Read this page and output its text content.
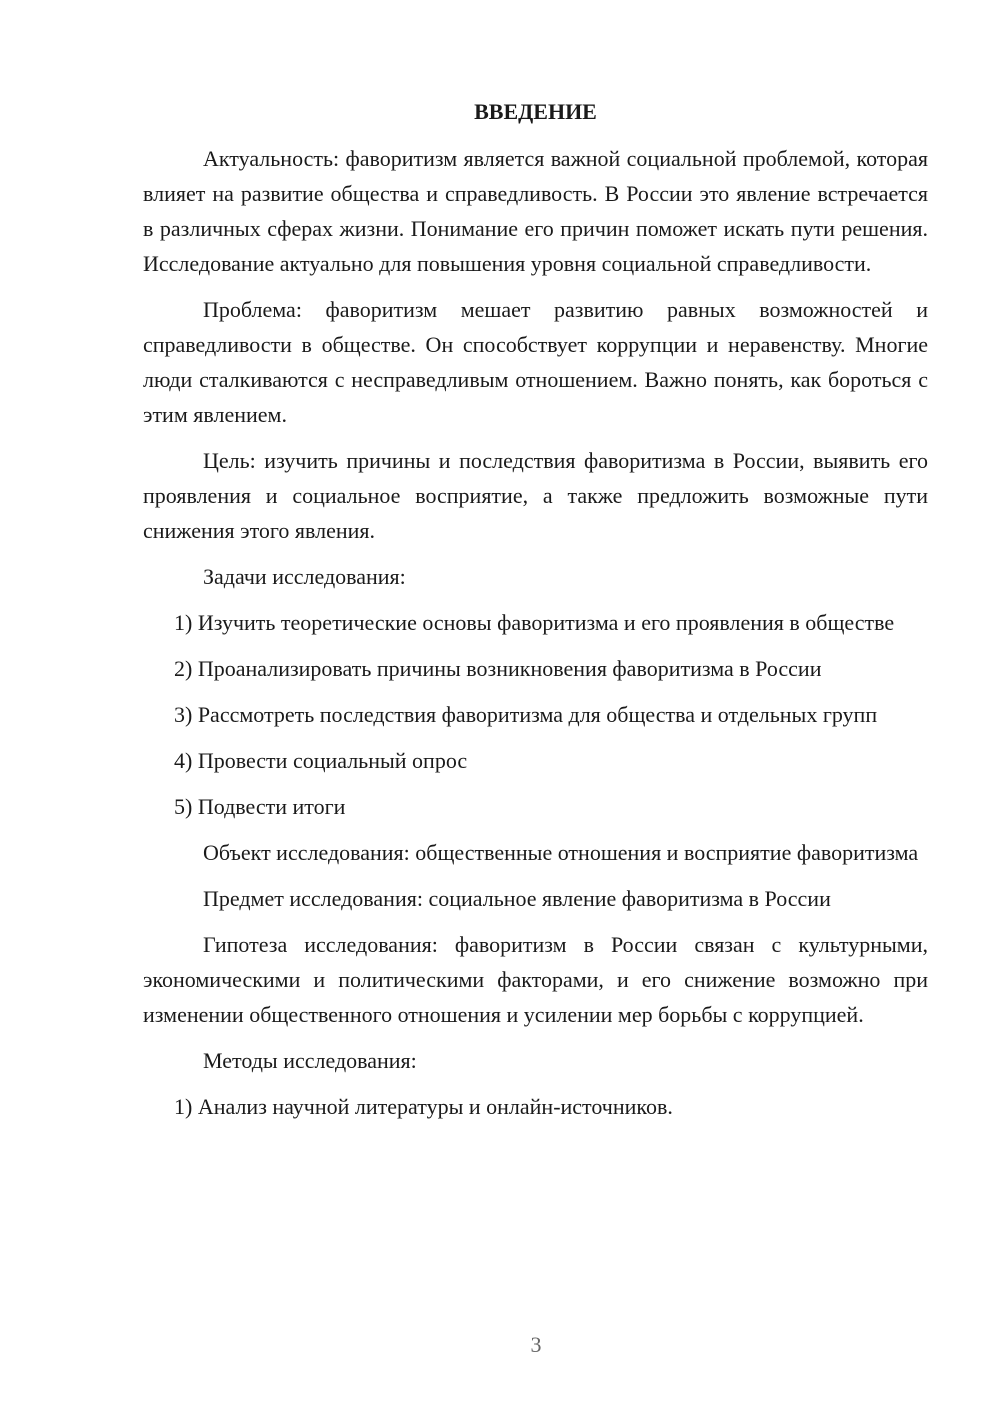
ВВЕДЕНИЕ

Актуальность: фаворитизм является важной социальной проблемой, которая влияет на развитие общества и справедливость. В России это явление встречается в различных сферах жизни. Понимание его причин поможет искать пути решения. Исследование актуально для повышения уровня социальной справедливости.

Проблема: фаворитизм мешает развитию равных возможностей и справедливости в обществе. Он способствует коррупции и неравенству. Многие люди сталкиваются с несправедливым отношением. Важно понять, как бороться с этим явлением.

Цель: изучить причины и последствия фаворитизма в России, выявить его проявления и социальное восприятие, а также предложить возможные пути снижения этого явления.

Задачи исследования:

1) Изучить теоретические основы фаворитизма и его проявления в обществе

2) Проанализировать причины возникновения фаворитизма в России

3) Рассмотреть последствия фаворитизма для общества и отдельных групп

4) Провести социальный опрос

5) Подвести итоги

Объект исследования: общественные отношения и восприятие фаворитизма

Предмет исследования: социальное явление фаворитизма в России

Гипотеза исследования: фаворитизм в России связан с культурными, экономическими и политическими факторами, и его снижение возможно при изменении общественного отношения и усилении мер борьбы с коррупцией.

Методы исследования:

1) Анализ научной литературы и онлайн-источников.

3
